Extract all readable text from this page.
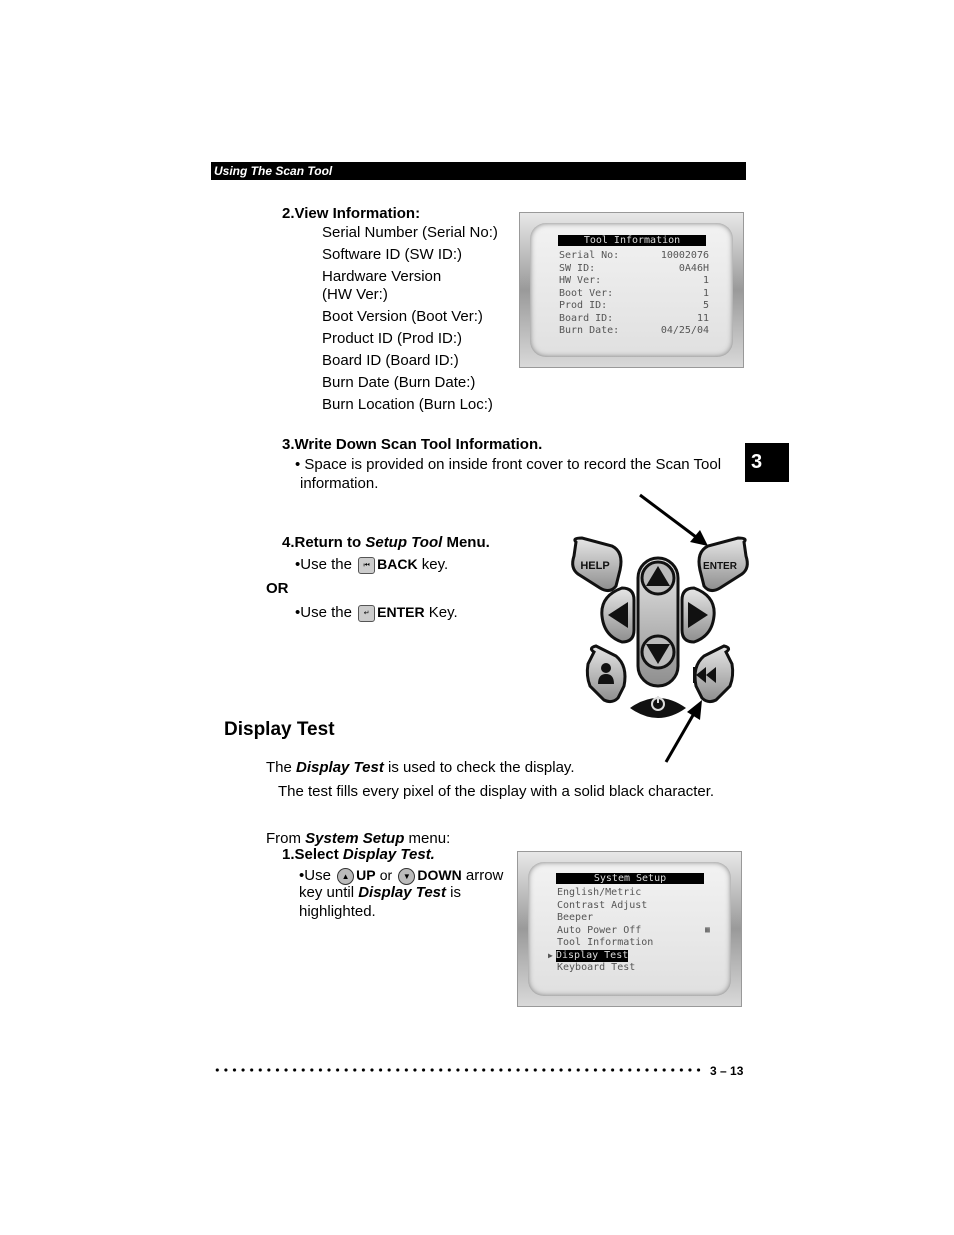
Using The Scan Tool
3
2.View Information:
Serial Number (Serial No:)
Software ID (SW ID:)
Hardware Version
(HW Ver:)
Boot Version (Boot Ver:)
Product ID (Prod ID:)
Board ID (Board ID:)
Burn Date (Burn Date:)
Burn Location (Burn Loc:)
Tool Information
Serial No:	10002076
SW ID:	0A46H
HW Ver:	1
Boot Ver:	1
Prod ID:	5
Board ID:	11
Burn Date:	04/25/04
3.Write Down Scan Tool Information.
• Space is provided on inside front cover to record the Scan Tool
information.
4.Return to Setup Tool Menu.
•Use the ⏮ BACK key.
OR
•Use the ↵ ENTER Key.
HELP	ENTER
Display Test
The Display Test is used to check the display.
The test fills every pixel of the display with a solid black character.
From System Setup menu:
1.Select Display Test.
•Use ▲ UP or ▼ DOWN arrow
key until Display Test is
highlighted.
System Setup
English/Metric
Contrast Adjust
Beeper
Auto Power Off
Tool Information
▶ Display Test
Keyboard Test
▦
3 – 13
